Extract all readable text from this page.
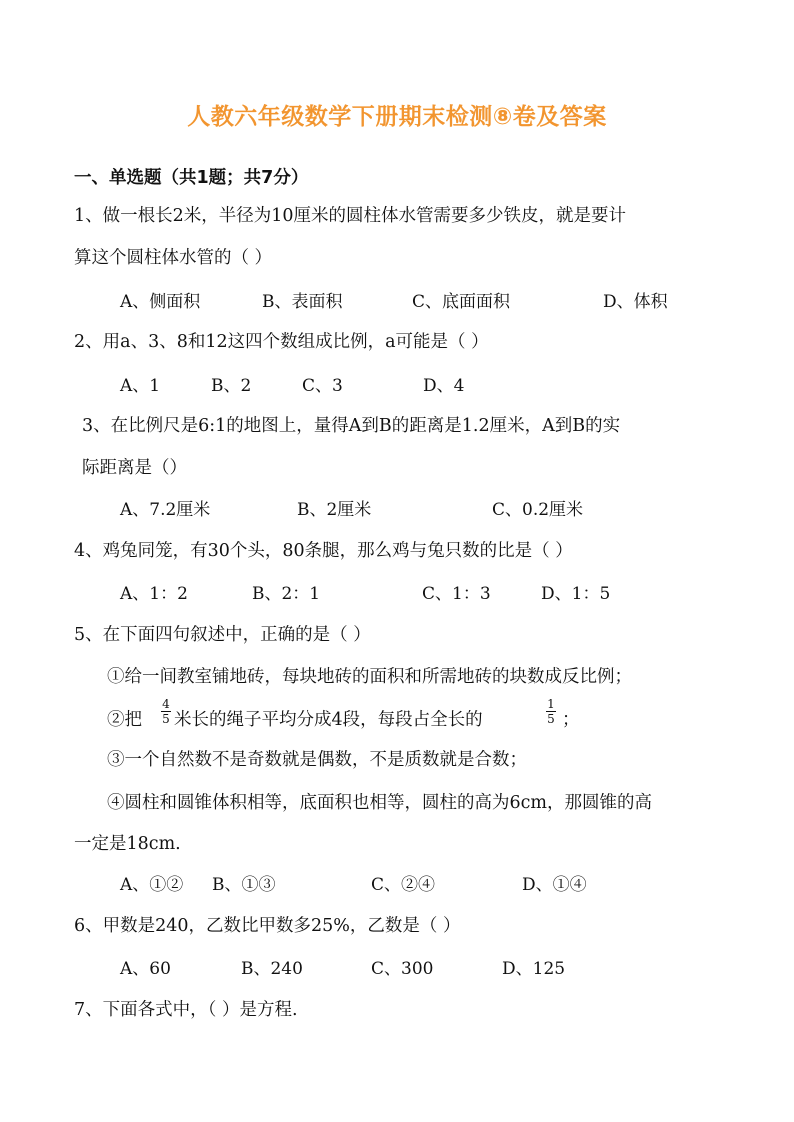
人教六年级数学下册期末检测⑧卷及答案
一、单选题（共1题；共7分）
1、做一根长2米，半径为10厘米的圆柱体水管需要多少铁皮，就是要计
算这个圆柱体水管的（ ）
A、侧面积	B、表面积	C、底面面积	D、体积
2、用a、3、8和12这四个数组成比例，a可能是（ ）
A、1	B、2	C、3	D、4
3、在比例尺是6:1的地图上，量得A到B的距离是1.2厘米，A到B的实
际距离是（）
A、7.2厘米	B、2厘米	C、0.2厘米
4、鸡兔同笼，有30个头，80条腿，那么鸡与兔只数的比是（ ）
A、1：2	B、2：1	C、1：3	D、1：5
5、在下面四句叙述中，正确的是（ ）
①给一间教室铺地砖，每块地砖的面积和所需地砖的块数成反比例；
②把
4
5 米长的绳子平均分成4段，每段占全长的
1
5 ；
③一个自然数不是奇数就是偶数，不是质数就是合数；
④圆柱和圆锥体积相等，底面积也相等，圆柱的高为6cm，那圆锥的高
一定是18cm.
A、①② B、①③	C、②④	D、①④
6、甲数是240，乙数比甲数多25%，乙数是（ ）
A、60	B、240	C、300	D、125
7、下面各式中，（ ）是方程.
